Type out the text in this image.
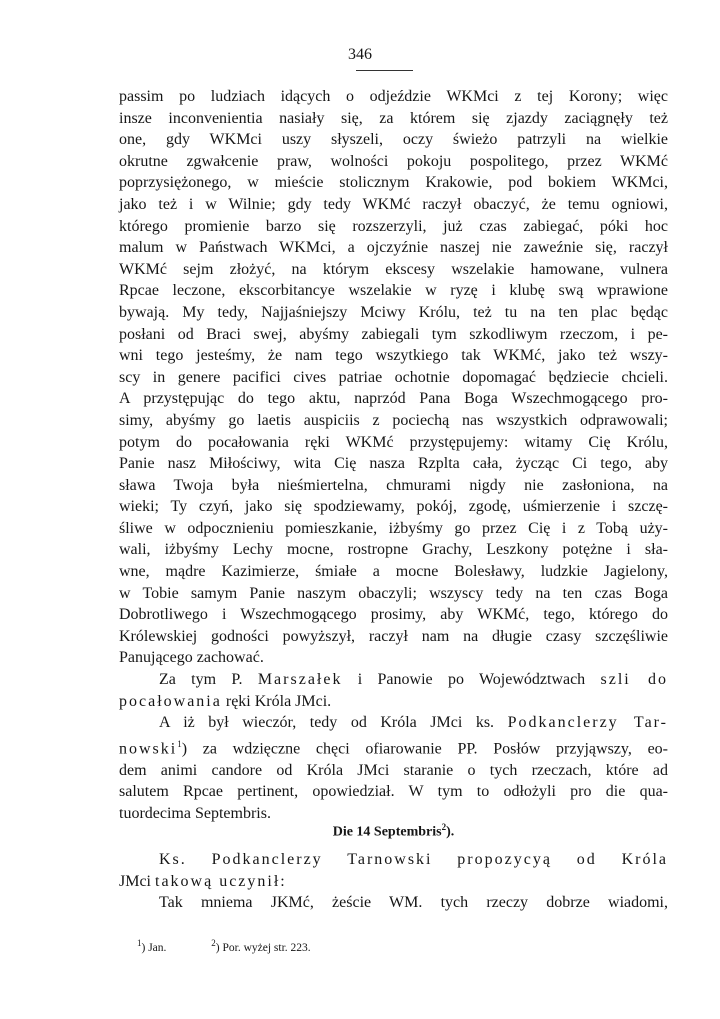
346
passim po ludziach idących o odjeździe WKMci z tej Korony; więc
insze inconvenientia nasiały się, za którem się zjazdy zaciągnęły też
one, gdy WKMci uszy słyszeli, oczy świeżo patrzyli na wielkie
okrutne zgwałcenie praw, wolności pokoju pospolitego, przez WKMć
poprzysiężonego, w mieście stolicznym Krakowie, pod bokiem WKMci,
jako też i w Wilnie; gdy tedy WKMć raczył obaczyć, że temu ogniowi,
którego promienie barzo się rozszerzyli, już czas zabiegać, póki hoc
malum w Państwach WKMci, a ojczyźnie naszej nie zaweźnie się, raczył
WKMć sejm złożyć, na którym ekscesy wszelakie hamowane, vulnera
Rpcae leczone, ekscorbitancye wszelakie w ryzę i klubę swą wprawione
bywają. My tedy, Najjaśniejszy Mciwy Królu, też tu na ten plac będąc
posłani od Braci swej, abyśmy zabiegali tym szkodliwym rzeczom, i pe-
wni tego jesteśmy, że nam tego wszytkiego tak WKMć, jako też wszy-
scy in genere pacifici cives patriae ochotnie dopomagać będziecie chcieli.
A przystępując do tego aktu, naprzód Pana Boga Wszechmogącego pro-
simy, abyśmy go laetis auspiciis z pociechą nas wszystkich odprawowali;
potym do pocałowania ręki WKMć przystępujemy: witamy Cię Królu,
Panie nasz Miłościwy, wita Cię nasza Rzplta cała, życząc Ci tego, aby
sława Twoja była nieśmiertelna, chmurami nigdy nie zasłoniona, na
wieki; Ty czyń, jako się spodziewamy, pokój, zgodę, uśmierzenie i szczę-
śliwe w odpocznieniu pomieszkanie, iżbyśmy go przez Cię i z Tobą uży-
wali, iżbyśmy Lechy mocne, rostropne Grachy, Leszkony potężne i sła-
wne, mądre Kazimierze, śmiałe a mocne Bolesławy, ludzkie Jagielony,
w Tobie samym Panie naszym obaczyli; wszyscy tedy na ten czas Boga
Dobrotliwego i Wszechmogącego prosimy, aby WKMć, tego, którego do
Królewskiej godności powyższył, raczył nam na długie czasy szczęśliwie
Panującego zachować.
Za tym P. Marszałek i Panowie po Województwach szli do
pocałowania ręki Króla JMci.
A iż był wieczór, tedy od Króla JMci ks. Podkanclerzy Tar-
nowski$^1$) za wdzięczne chęci ofiarowanie PP. Posłów przyjąwszy, eo-
dem animi candore od Króla JMci staranie o tych rzeczach, które ad
salutem Rpcae pertinent, opowiedział. W tym to odłożyli pro die qua-
tuordecima Septembris.
Die 14 Septembris$^2$).
Ks. Podkanclerzy Tarnowski propozycyą od Króla
JMci takową uczynił:
Tak mniema JKMć, żeście WM. tych rzeczy dobrze wiadomi,
$^1$) Jan.	$^2$) Por. wyżej str. 223.
